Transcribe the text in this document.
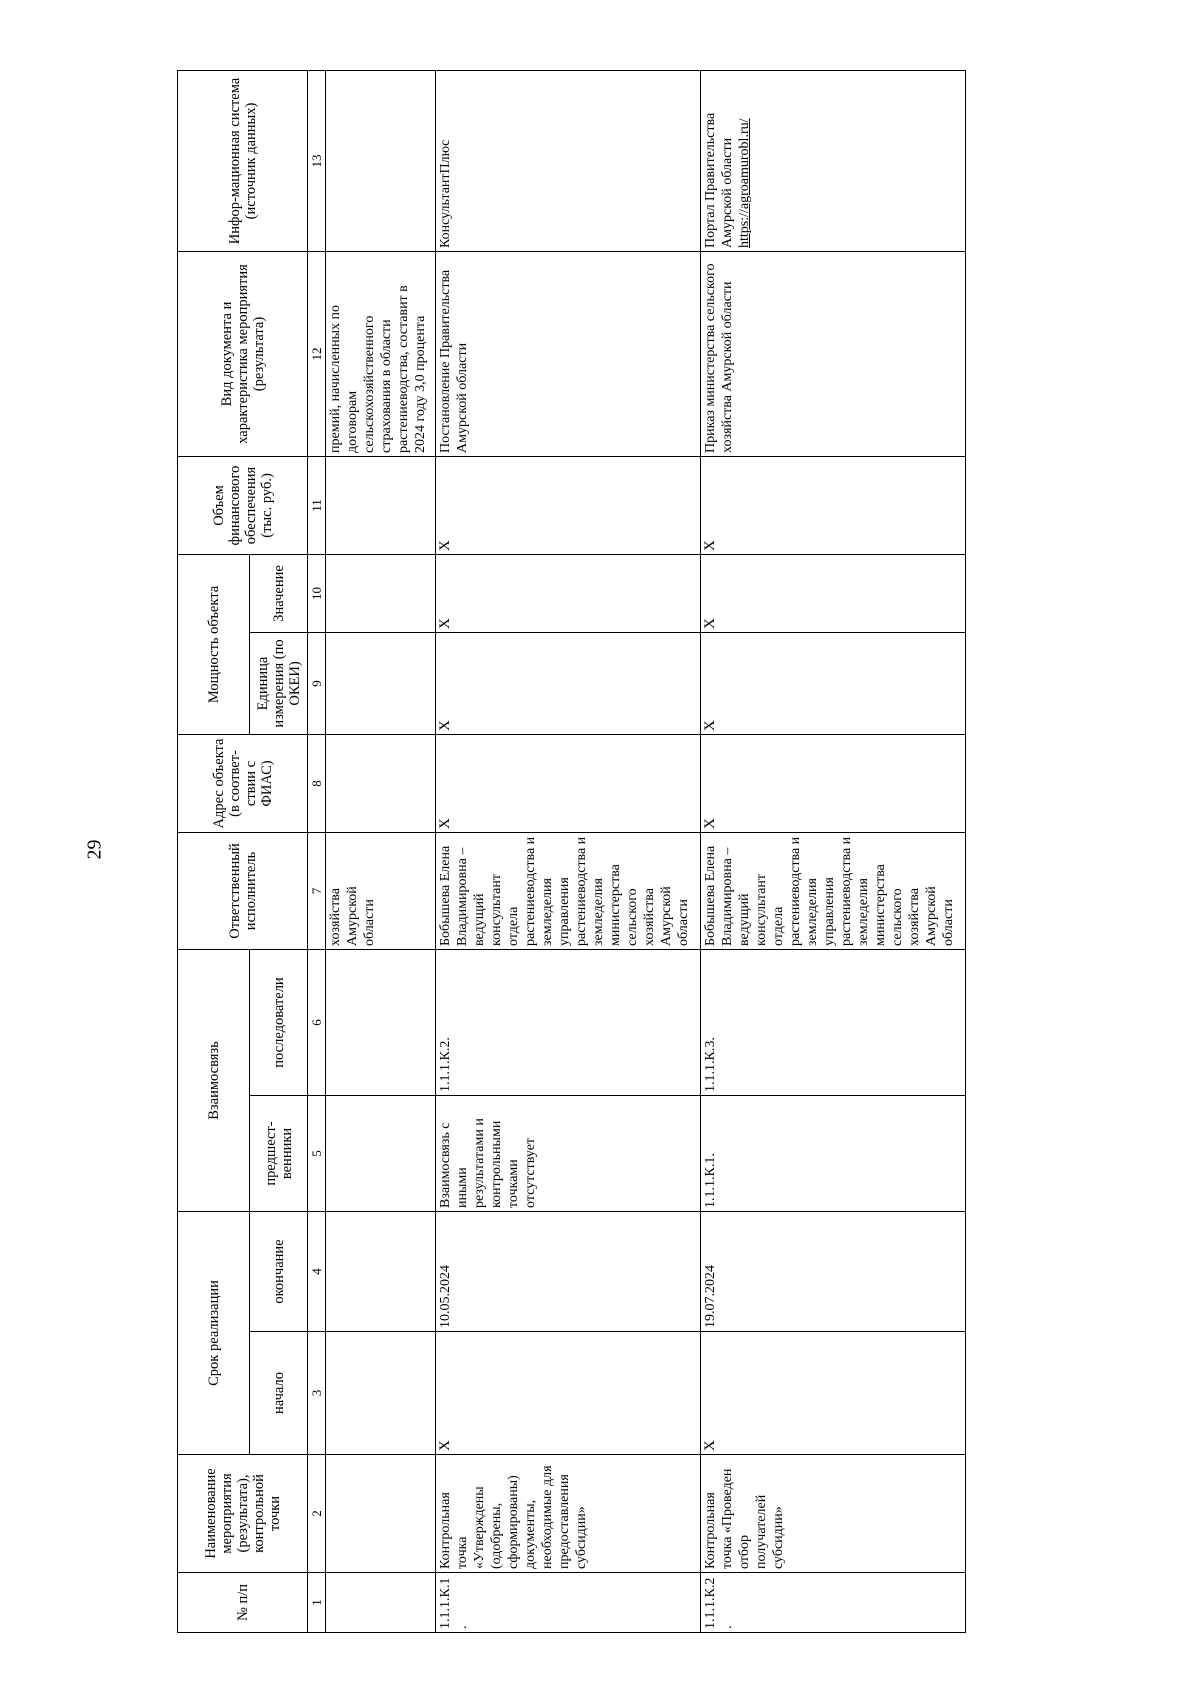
29
№ п/п	Наименование мероприятия (результата), контрольной точки	Срок реализации		Взаимосвязь		Ответственный исполнитель	Адрес объекта (в соответ-ствии с ФИАС)	Мощность объекта		Объем финансового обеспечения (тыс. руб.)	Вид документа и характеристика мероприятия (результата)	Инфор-мационная система (источник данных)
		начало	окончание	предшест-венники	последователи			Единица измерения (по ОКЕИ)	Значение			
1	2	3	4	5	6	7	8	9	10	11	12	13
						хозяйства Амурской области					премий, начисленных по договорам сельскохозяйственного страхования в области растениеводства, составит в 2024 году 3,0 процента	
1.1.1.К.1.	Контрольная точка «Утверждены (одобрены, сформированы) документы, необходимые для предоставления субсидии»	Х	10.05.2024	Взаимосвязь с иными результатами и контрольными точками отсутствует	1.1.1.К.2.	Бобышева Елена Владимировна – ведущий консультант отдела растениеводства и земледелия управления растениеводства и земледелия министерства сельского хозяйства Амурской области	Х	Х	Х	Х	Постановление Правительства Амурской области	КонсультантПлюс
1.1.1.К.2.	Контрольная точка «Проведен отбор получателей субсидии»	Х	19.07.2024	1.1.1.К.1.	1.1.1.К.3.	Бобышева Елена Владимировна – ведущий консультант отдела растениеводства и земледелия управления растениеводства и земледелия министерства сельского хозяйства Амурской области	Х	Х	Х	Х	Приказ министерства сельского хозяйства Амурской области	Портал Правительства Амурской области https://agroamurobl.ru/
